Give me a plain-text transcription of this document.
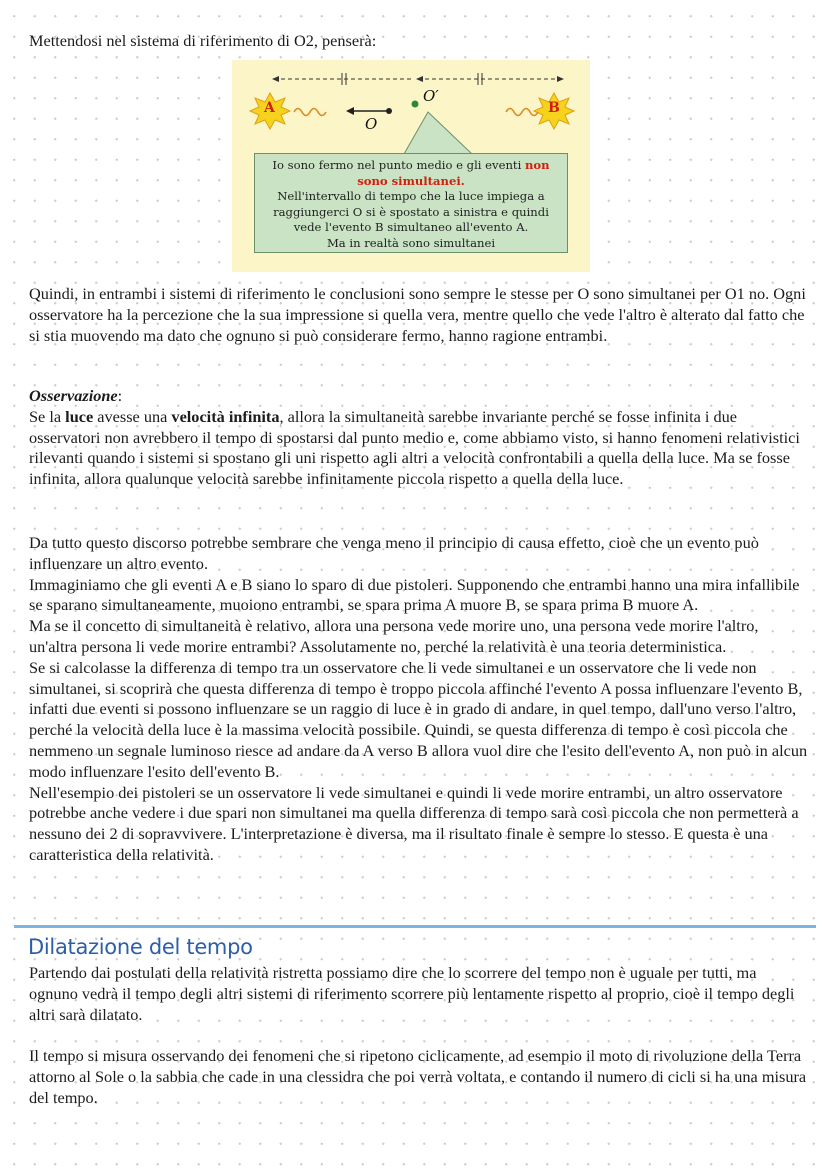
Mettendosi nel sistema di riferimento di O2, penserà:

A	B
O
O′
Io sono fermo nel punto medio e gli eventi non sono simultanei.
Nell'intervallo di tempo che la luce impiega a raggiungerci O si è spostato a sinistra e quindi vede l'evento B simultaneo all'evento A.
Ma in realtà sono simultanei

Quindi, in entrambi i sistemi di riferimento le conclusioni sono sempre le stesse per O sono simultanei per O1 no. Ogni osservatore ha la percezione che la sua impressione si quella vera, mentre quello che vede l'altro è alterato dal fatto che si stia muovendo ma dato che ognuno si può considerare fermo, hanno ragione entrambi.

Osservazione:

Se la luce avesse una velocità infinita, allora la simultaneità sarebbe invariante perché se fosse infinita i due osservatori non avrebbero il tempo di spostarsi dal punto medio e, come abbiamo visto, si hanno fenomeni relativistici rilevanti quando i sistemi si spostano gli uni rispetto agli altri a velocità confrontabili a quella della luce. Ma se fosse infinita, allora qualunque velocità sarebbe infinitamente piccola rispetto a quella della luce.

Da tutto questo discorso potrebbe sembrare che venga meno il principio di causa effetto, cioè che un evento può influenzare un altro evento.

Immaginiamo che gli eventi A e B siano lo sparo di due pistoleri. Supponendo che entrambi hanno una mira infallibile se sparano simultaneamente, muoiono entrambi, se spara prima A muore B, se spara prima B muore A.

Ma se il concetto di simultaneità è relativo, allora una persona vede morire uno, una persona vede morire l'altro, un'altra persona li vede morire entrambi? Assolutamente no, perché la relatività è una teoria deterministica.

Se si calcolasse la differenza di tempo tra un osservatore che li vede simultanei e un osservatore che li vede non simultanei, si scoprirà che questa differenza di tempo è troppo piccola affinché l'evento A possa influenzare l'evento B, infatti due eventi si possono influenzare se un raggio di luce è in grado di andare, in quel tempo, dall'uno verso l'altro, perché la velocità della luce è la massima velocità possibile. Quindi, se questa differenza di tempo è così piccola che nemmeno un segnale luminoso riesce ad andare da A verso B allora vuol dire che l'esito dell'evento A, non può in alcun modo influenzare l'esito dell'evento B.

Nell'esempio dei pistoleri se un osservatore li vede simultanei e quindi li vede morire entrambi, un altro osservatore potrebbe anche vedere i due spari non simultanei ma quella differenza di tempo sarà così piccola che non permetterà a nessuno dei 2 di sopravvivere. L'interpretazione è diversa, ma il risultato finale è sempre lo stesso. E questa è una caratteristica della relatività.

Dilatazione del tempo

Partendo dai postulati della relatività ristretta possiamo dire che lo scorrere del tempo non è uguale per tutti, ma ognuno vedrà il tempo degli altri sistemi di riferimento scorrere più lentamente rispetto al proprio, cioè il tempo degli altri sarà dilatato.

Il tempo si misura osservando dei fenomeni che si ripetono ciclicamente, ad esempio il moto di rivoluzione della Terra attorno al Sole o la sabbia che cade in una clessidra che poi verrà voltata, e contando il numero di cicli si ha una misura del tempo.
